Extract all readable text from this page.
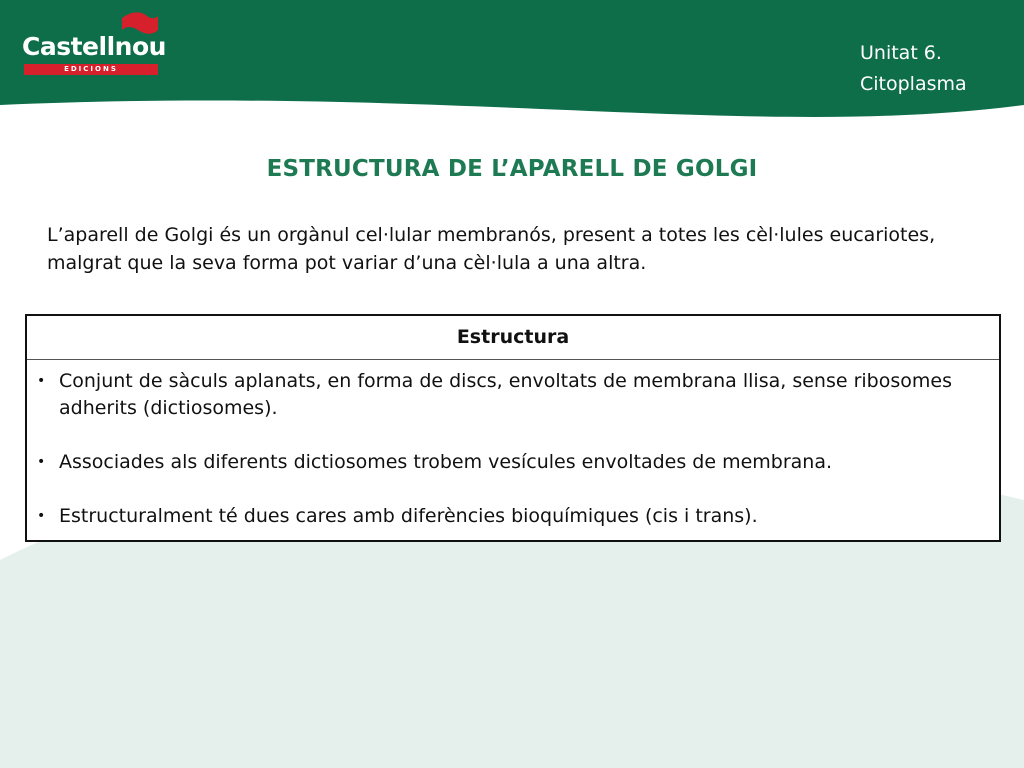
Castellnou
EDICIONS
Unitat 6.
Citoplasma
ESTRUCTURA DE L’APARELL DE GOLGI
L’aparell de Golgi és un orgànul cel·lular membranós, present a totes les cèl·lules eucariotes, malgrat que la seva forma pot variar d’una cèl·lula a una altra.
Estructura
• Conjunt de sàculs aplanats, en forma de discs, envoltats de membrana llisa, sense ribosomes adherits (dictiosomes).
• Associades als diferents dictiosomes trobem vesícules envoltades de membrana.
• Estructuralment té dues cares amb diferències bioquímiques (cis i trans).
